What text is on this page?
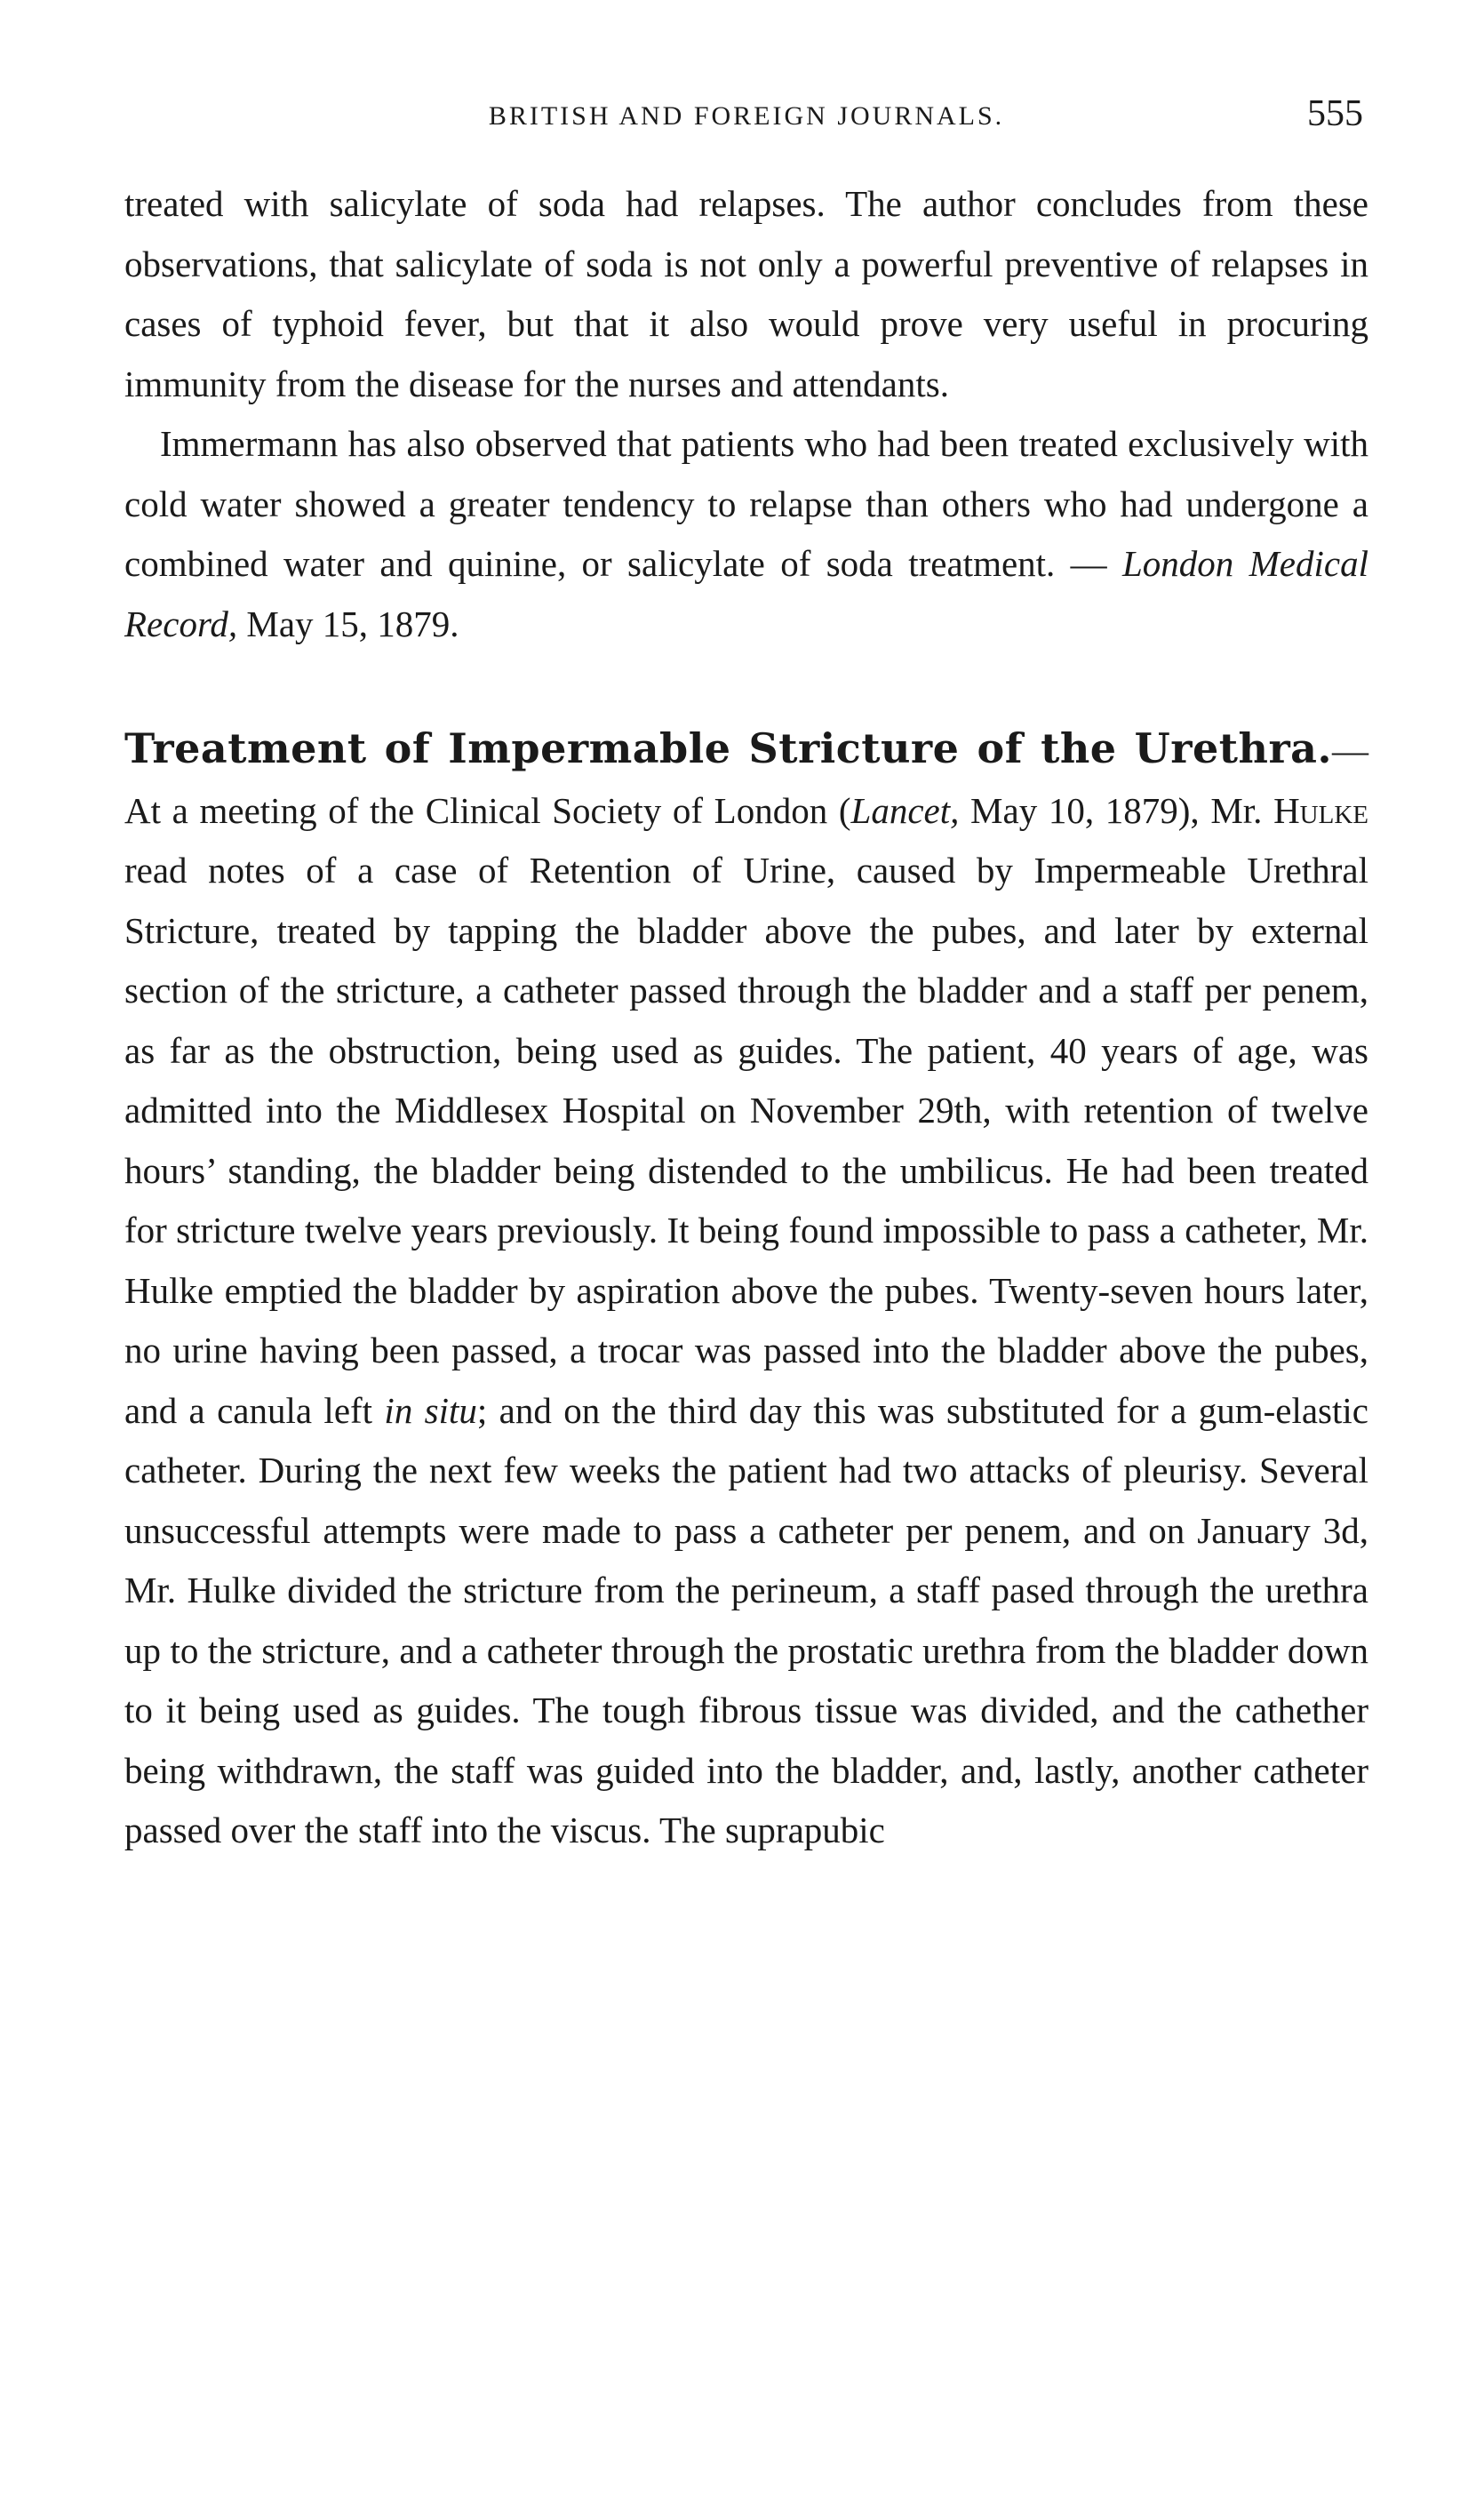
BRITISH AND FOREIGN JOURNALS.	555

treated with salicylate of soda had relapses. The author concludes from these observations, that salicylate of soda is not only a powerful preventive of relapses in cases of typhoid fever, but that it also would prove very useful in procuring immunity from the disease for the nurses and attendants.

Immermann has also observed that patients who had been treated exclusively with cold water showed a greater tendency to relapse than others who had undergone a combined water and quinine, or salicylate of soda treatment. — London Medical Record, May 15, 1879.

Treatment of Impermable Stricture of the Urethra.—At a meeting of the Clinical Society of London (Lancet, May 10, 1879), Mr. Hulke read notes of a case of Retention of Urine, caused by Impermeable Urethral Stricture, treated by tapping the bladder above the pubes, and later by external section of the stricture, a catheter passed through the bladder and a staff per penem, as far as the obstruction, being used as guides. The patient, 40 years of age, was admitted into the Middlesex Hospital on November 29th, with retention of twelve hours’ standing, the bladder being distended to the umbilicus. He had been treated for stricture twelve years previously. It being found impossible to pass a catheter, Mr. Hulke emptied the bladder by aspiration above the pubes. Twenty-seven hours later, no urine having been passed, a trocar was passed into the bladder above the pubes, and a canula left in situ; and on the third day this was substituted for a gum-elastic catheter. During the next few weeks the patient had two attacks of pleurisy. Several unsuccessful attempts were made to pass a catheter per penem, and on January 3d, Mr. Hulke divided the stricture from the perineum, a staff pased through the urethra up to the stricture, and a catheter through the prostatic urethra from the bladder down to it being used as guides. The tough fibrous tissue was divided, and the cathether being withdrawn, the staff was guided into the bladder, and, lastly, another catheter passed over the staff into the viscus. The suprapubic
